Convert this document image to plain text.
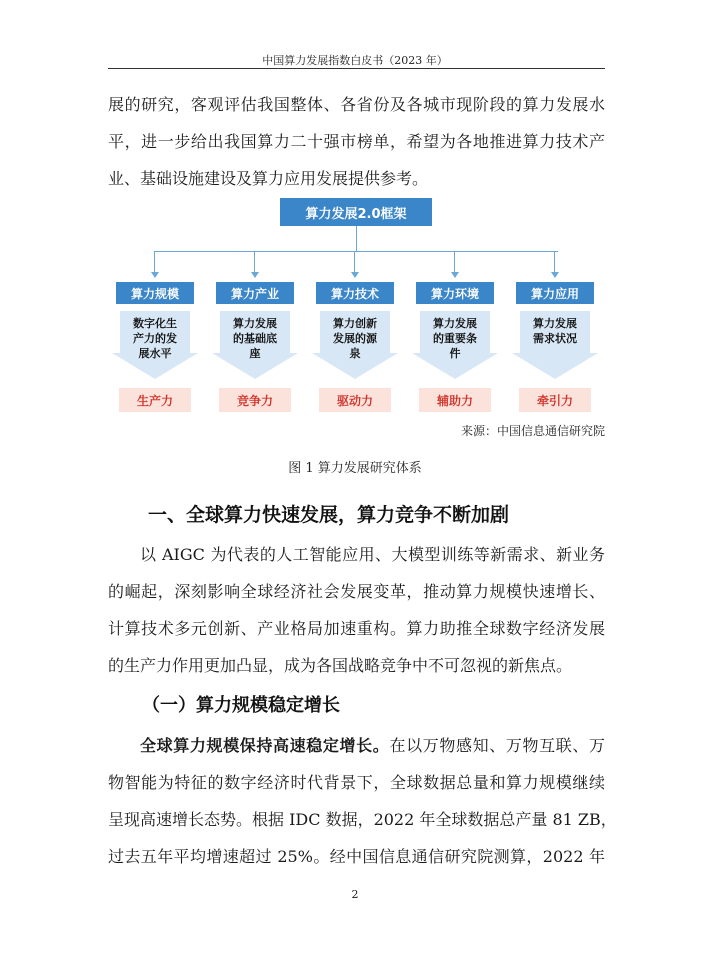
中国算力发展指数白皮书（2023 年）
展的研究，客观评估我国整体、各省份及各城市现阶段的算力发展水
平，进一步给出我国算力二十强市榜单，希望为各地推进算力技术产
业、基础设施建设及算力应用发展提供参考。
算力发展2.0框架
算力规模
数字化生产力的发展水平
生产力
算力产业
算力发展的基础底座
竞争力
算力技术
算力创新发展的源泉
驱动力
算力环境
算力发展的重要条件
辅助力
算力应用
算力发展需求状况
牵引力
来源：中国信息通信研究院
图 1 算力发展研究体系
一、全球算力快速发展，算力竞争不断加剧
以 AIGC 为代表的人工智能应用、大模型训练等新需求、新业务
的崛起，深刻影响全球经济社会发展变革，推动算力规模快速增长、
计算技术多元创新、产业格局加速重构。算力助推全球数字经济发展
的生产力作用更加凸显，成为各国战略竞争中不可忽视的新焦点。
（一）算力规模稳定增长
全球算力规模保持高速稳定增长。在以万物感知、万物互联、万
物智能为特征的数字经济时代背景下，全球数据总量和算力规模继续
呈现高速增长态势。根据 IDC 数据，2022 年全球数据总产量 81 ZB，
过去五年平均增速超过 25%。经中国信息通信研究院测算，2022 年
2
